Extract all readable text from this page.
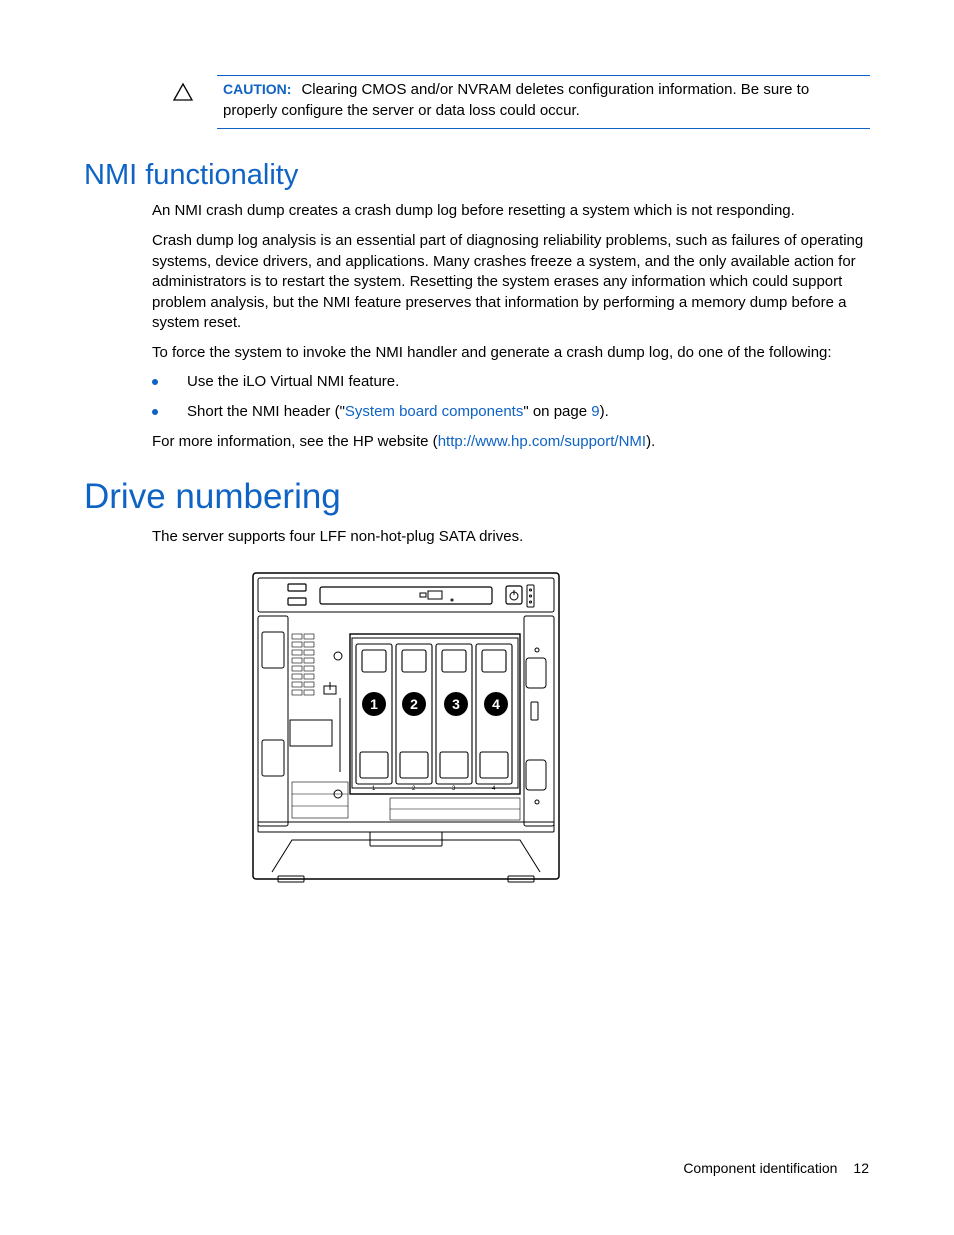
CAUTION: Clearing CMOS and/or NVRAM deletes configuration information. Be sure to properly configure the server or data loss could occur.
NMI functionality

An NMI crash dump creates a crash dump log before resetting a system which is not responding.

Crash dump log analysis is an essential part of diagnosing reliability problems, such as failures of operating systems, device drivers, and applications. Many crashes freeze a system, and the only available action for administrators is to restart the system. Resetting the system erases any information which could support problem analysis, but the NMI feature preserves that information by performing a memory dump before a system reset.

To force the system to invoke the NMI handler and generate a crash dump log, do one of the following:

Use the iLO Virtual NMI feature.
Short the NMI header ("System board components" on page 9).

For more information, see the HP website (http://www.hp.com/support/NMI).

Drive numbering

The server supports four LFF non-hot-plug SATA drives.

1	2	3	4
1	2	3	4
Component identification 12
